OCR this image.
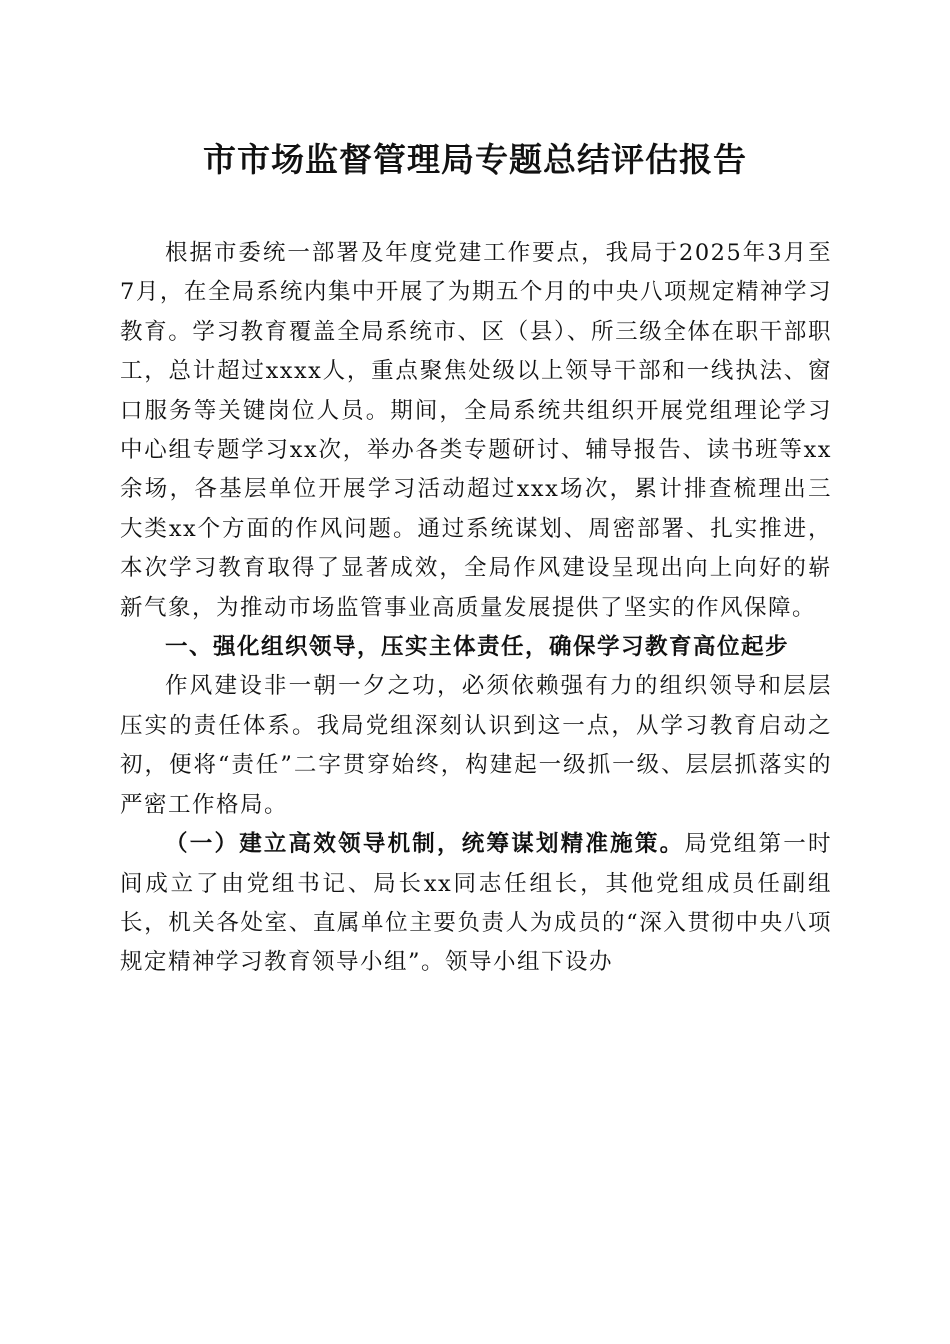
市市场监督管理局专题总结评估报告

根据市委统一部署及年度党建工作要点，我局于2025年3月至7月，在全局系统内集中开展了为期五个月的中央八项规定精神学习教育。学习教育覆盖全局系统市、区（县）、所三级全体在职干部职工，总计超过xxxx人，重点聚焦处级以上领导干部和一线执法、窗口服务等关键岗位人员。期间，全局系统共组织开展党组理论学习中心组专题学习xx次，举办各类专题研讨、辅导报告、读书班等xx余场，各基层单位开展学习活动超过xxx场次，累计排查梳理出三大类xx个方面的作风问题。通过系统谋划、周密部署、扎实推进，本次学习教育取得了显著成效，全局作风建设呈现出向上向好的崭新气象，为推动市场监管事业高质量发展提供了坚实的作风保障。

一、强化组织领导，压实主体责任，确保学习教育高位起步

作风建设非一朝一夕之功，必须依赖强有力的组织领导和层层压实的责任体系。我局党组深刻认识到这一点，从学习教育启动之初，便将“责任”二字贯穿始终，构建起一级抓一级、层层抓落实的严密工作格局。

（一）建立高效领导机制，统筹谋划精准施策。局党组第一时间成立了由党组书记、局长xx同志任组长，其他党组成员任副组长，机关各处室、直属单位主要负责人为成员的“深入贯彻中央八项规定精神学习教育领导小组”。领导小组下设办
